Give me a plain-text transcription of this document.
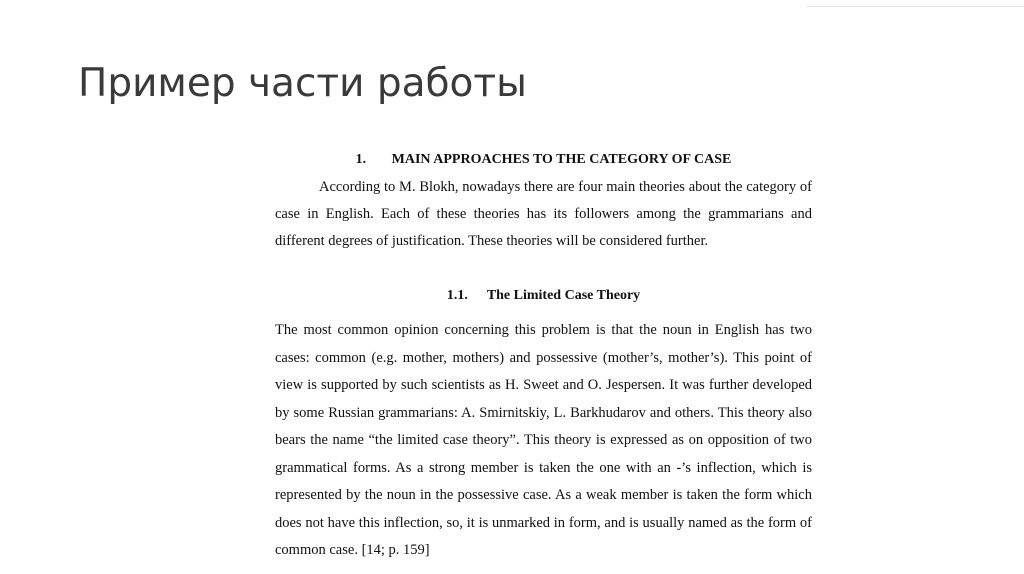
Пример части работы
1. MAIN APPROACHES TO THE CATEGORY OF CASE

According to M. Blokh, nowadays there are four main theories about the category of case in English. Each of these theories has its followers among the grammarians and different degrees of justification. These theories will be considered further.

1.1. The Limited Case Theory

The most common opinion concerning this problem is that the noun in English has two cases: common (e.g. mother, mothers) and possessive (mother’s, mother’s). This point of view is supported by such scientists as H. Sweet and O. Jespersen. It was further developed by some Russian grammarians: A. Smirnitskiy, L. Barkhudarov and others. This theory also bears the name “the limited case theory”. This theory is expressed as on opposition of two grammatical forms. As a strong member is taken the one with an -’s inflection, which is represented by the noun in the possessive case. As a weak member is taken the form which does not have this inflection, so, it is unmarked in form, and is usually named as the form of common case. [14; p. 159]
